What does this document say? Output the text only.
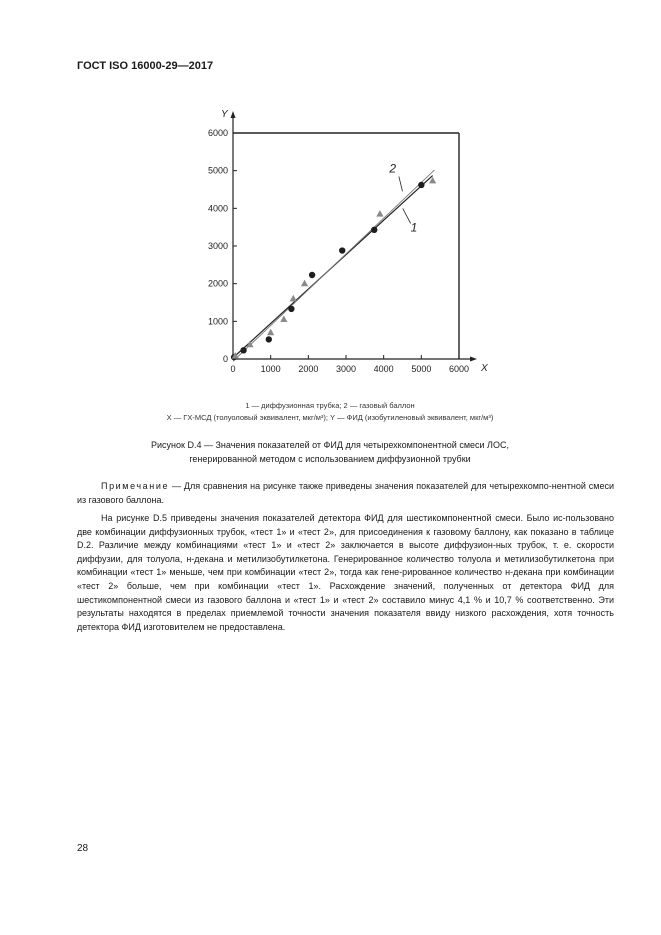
ГОСТ ISO 16000-29—2017
X
Y
0	1000 2000 3000 4000 5000 6000
0
1000
2000
3000
4000
5000
6000
1
2
1 — диффузионная трубка; 2 — газовый баллон
X — ГХ-МСД (толуоловый эквивалент, мкг/м³); Y — ФИД (изобутиленовый эквивалент, мкг/м³)
Рисунок D.4 — Значения показателей от ФИД для четырехкомпонентной смеси ЛОС,
генерированной методом с использованием диффузионной трубки
Примечание — Для сравнения на рисунке также приведены значения показателей для четырехкомпо-нентной смеси из газового баллона.
На рисунке D.5 приведены значения показателей детектора ФИД для шестикомпонентной смеси. Было ис-пользовано две комбинации диффузионных трубок, «тест 1» и «тест 2», для присоединения к газовому баллону, как показано в таблице D.2. Различие между комбинациями «тест 1» и «тест 2» заключается в высоте диффузион-ных трубок, т. е. скорости диффузии, для толуола, н-декана и метилизобутилкетона. Генерированное количество толуола и метилизобутилкетона при комбинации «тест 1» меньше, чем при комбинации «тест 2», тогда как гене-рированное количество н-декана при комбинации «тест 2» больше, чем при комбинации «тест 1». Расхождение значений, полученных от детектора ФИД для шестикомпонентной смеси из газового баллона и «тест 1» и «тест 2» составило минус 4,1 % и 10,7 % соответственно. Эти результаты находятся в пределах приемлемой точности значения показателя ввиду низкого расхождения, хотя точность детектора ФИД изготовителем не предоставлена.
28
